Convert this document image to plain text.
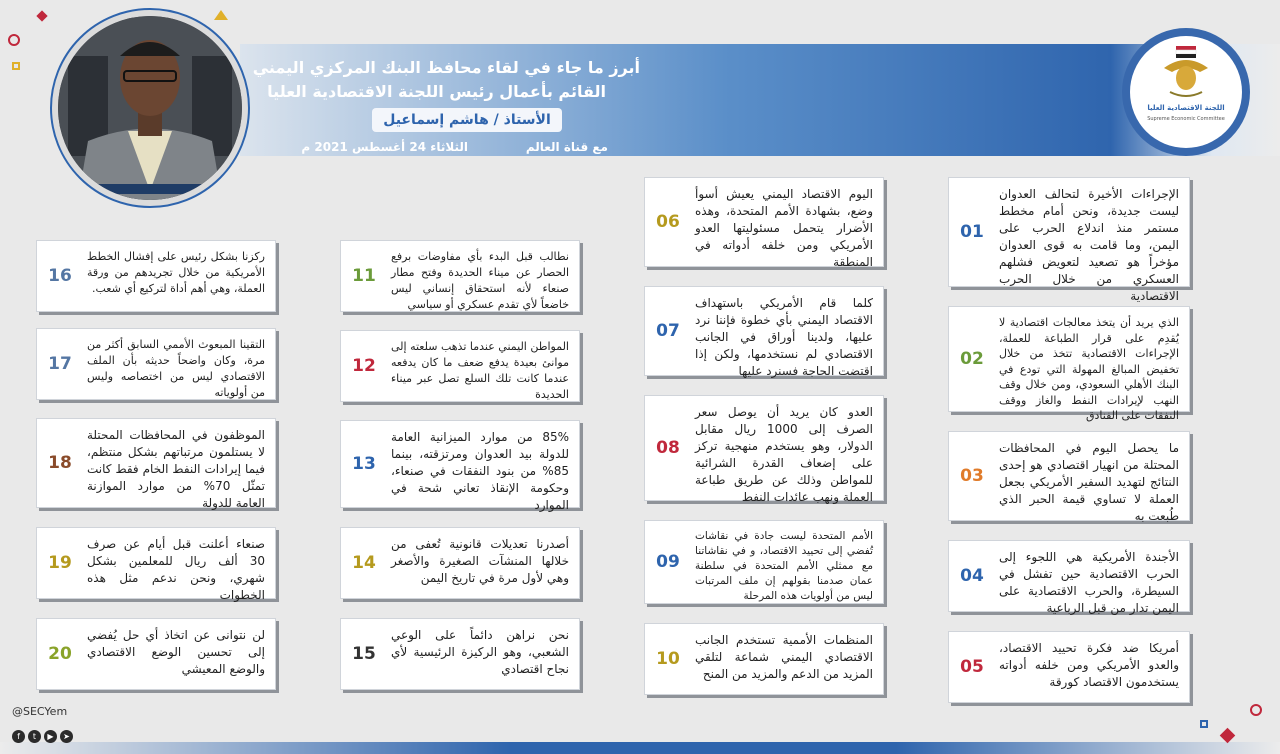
أبرز ما جاء في لقاء محافظ البنك المركزي اليمني
القائم بأعمال رئيس اللجنة الاقتصادية العليا
الأستاذ / هاشم إسماعيل
مع قناة العالم
الثلاثاء 24 أغسطس 2021 م
اللجنة الاقتصادية العليا
Supreme Economic Committee
الإجراءات الأخيرة لتحالف العدوان ليست جديدة، ونحن أمام مخطط مستمر منذ اندلاع الحرب على اليمن، وما قامت به قوى العدوان مؤخراً هو تصعيد لتعويض فشلهم العسكري من خلال الحرب الاقتصادية
01
الذي يريد أن يتخذ معالجات اقتصادية لا يُقدِم على قرار الطباعة للعملة، الإجراءات الاقتصادية تتخذ من خلال تخفيض المبالغ المهولة التي تودع في البنك الأهلي السعودي، ومن خلال وقف النهب لإيرادات النفط والغاز ووقف النفقات على الفنادق
02
ما يحصل اليوم في المحافظات المحتلة من انهيار اقتصادي هو إحدى النتائج لتهديد السفير الأمريكي بجعل العملة لا تساوي قيمة الحبر الذي طُبعت به
03
الأجندة الأمريكية هي اللجوء إلى الحرب الاقتصادية حين تفشل في السيطرة، والحرب الاقتصادية على اليمن تدار من قبل الرباعية
04
أمريكا ضد فكرة تحييد الاقتصاد، والعدو الأمريكي ومن خلفه أدواته يستخدمون الاقتصاد كورقة
05
اليوم الاقتصاد اليمني يعيش أسوأ وضع، بشهادة الأمم المتحدة، وهذه الأضرار يتحمل مسئوليتها العدو الأمريكي ومن خلفه أدواته في المنطقة
06
كلما قام الأمريكي باستهداف الاقتصاد اليمني بأي خطوة فإننا نرد عليها، ولدينا أوراق في الجانب الاقتصادي لم نستخدمها، ولكن إذا اقتضت الحاجة فسنرد عليها
07
العدو كان يريد أن يوصل سعر الصرف إلى 1000 ريال مقابل الدولار، وهو يستخدم منهجية تركز على إضعاف القدرة الشرائية للمواطن وذلك عن طريق طباعة العملة ونهب عائدات النفط
08
الأمم المتحدة ليست جادة في نقاشات تُفضي إلى تحييد الاقتصاد، و في نقاشاتنا مع ممثلي الأمم المتحدة في سلطنة عمان صدمنا بقولهم إن ملف المرتبات ليس من أولويات هذه المرحلة
09
المنظمات الأممية تستخدم الجانب الاقتصادي اليمني شماعة لتلقي المزيد من الدعم والمزيد من المنح
10
نطالب قبل البدء بأي مفاوضات برفع الحصار عن ميناء الحديدة وفتح مطار صنعاء لأنه استحقاق إنساني ليس خاضعاً لأي تقدم عسكري أو سياسي
11
المواطن اليمني عندما تذهب سلعته إلى موانئ بعيدة يدفع ضعف ما كان يدفعه عندما كانت تلك السلع تصل عبر ميناء الحديدة
12
85% من موارد الميزانية العامة للدولة بيد العدوان ومرتزقته، بينما 85% من بنود النفقات في صنعاء، وحكومة الإنقاذ تعاني شحة في الموارد
13
أصدرنا تعديلات قانونية تُعفى من خلالها المنشآت الصغيرة والأصغر وهي لأول مرة في تاريخ اليمن
14
نحن نراهن دائماً على الوعي الشعبي، وهو الركيزة الرئيسية لأي نجاح اقتصادي
15
ركزنا بشكل رئيس على إفشال الخطط الأمريكية من خلال تجريدهم من ورقة العملة، وهي أهم أداة لتركيع أي شعب.
16
التقينا المبعوث الأممي السابق أكثر من مرة، وكان واضحاً حديثه بأن الملف الاقتصادي ليس من اختصاصه وليس من أولوياته
17
الموظفون في المحافظات المحتلة لا يستلمون مرتباتهم بشكل منتظم، فيما إيرادات النفط الخام فقط كانت تمثّل 70% من موارد الموازنة العامة للدولة
18
صنعاء أعلنت قبل أيام عن صرف 30 ألف ريال للمعلمين بشكل شهري، ونحن ندعم مثل هذه الخطوات
19
لن نتوانى عن اتخاذ أي حل يُفضي إلى تحسين الوضع الاقتصادي والوضع المعيشي
20
@SECYem
f t ▶ ➤
